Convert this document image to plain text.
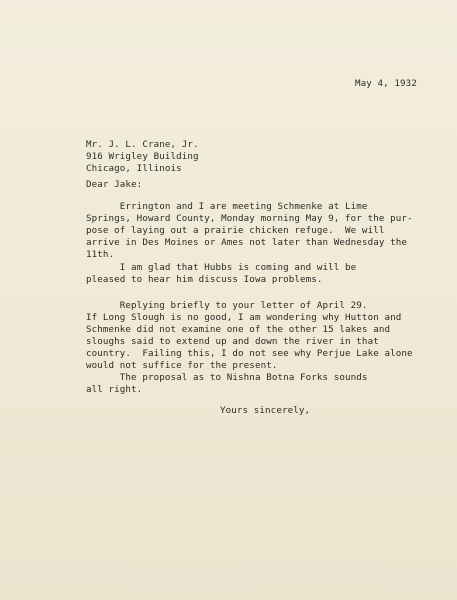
May 4, 1932
Mr. J. L. Crane, Jr.
916 Wrigley Building
Chicago, Illinois
Dear Jake:
Errington and I are meeting Schmenke at Lime
Springs, Howard County, Monday morning May 9, for the pur-
pose of laying out a prairie chicken refuge.  We will
arrive in Des Moines or Ames not later than Wednesday the
11th.
I am glad that Hubbs is coming and will be
pleased to hear him discuss Iowa problems.
Replying briefly to your letter of April 29.
If Long Slough is no good, I am wondering why Hutton and
Schmenke did not examine one of the other 15 lakes and
sloughs said to extend up and down the river in that
country.  Failing this, I do not see why Perjue Lake alone
would not suffice for the present.
The proposal as to Nishna Botna Forks sounds
all right.
Yours sincerely,
